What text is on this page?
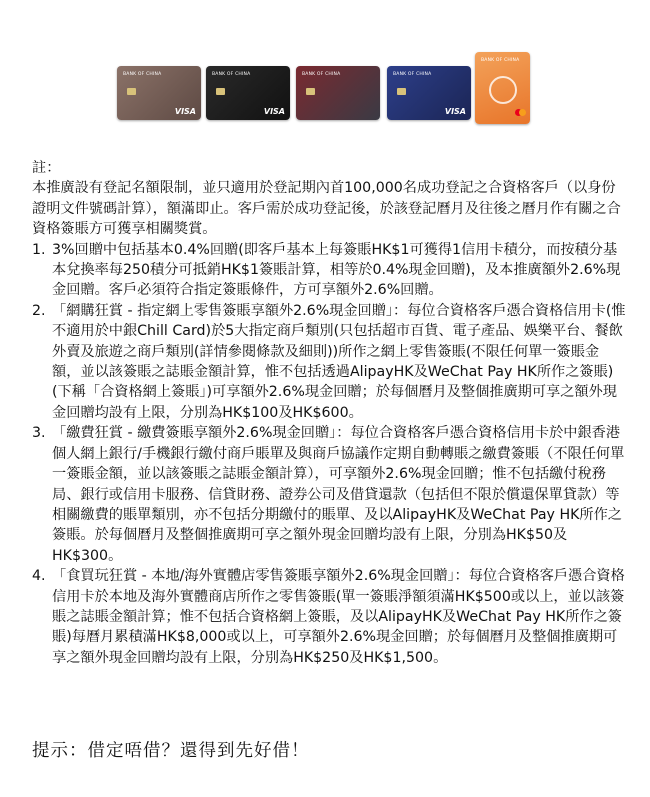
BANK OF CHINA
VISA
BANK OF CHINA
VISA
BANK OF CHINA	BANK OF CHINA
VISA
BANK OF CHINA

註：

本推廣設有登記名額限制，並只適用於登記期內首100,000名成功登記之合資格客戶（以身份證明文件號碼計算），額滿即止。客戶需於成功登記後，於該登記曆月及往後之曆月作有關之合資格簽賬方可獲享相關獎賞。

1. 3%回贈中包括基本0.4%回贈(即客戶基本上每簽賬HK$1可獲得1信用卡積分，而按積分基本兌換率每250積分可抵銷HK$1簽賬計算，相等於0.4%現金回贈)，及本推廣額外2.6%現金回贈。客戶必須符合指定簽賬條件，方可享額外2.6%回贈。
2. 「網購狂賞 - 指定網上零售簽賬享額外2.6%現金回贈」：每位合資格客戶憑合資格信用卡(惟不適用於中銀Chill Card)於5大指定商戶類別(只包括超市百貨、電子產品、娛樂平台、餐飲外賣及旅遊之商戶類別(詳情參閱條款及細則))所作之網上零售簽賬(不限任何單一簽賬金額，並以該簽賬之誌賬金額計算，惟不包括透過AlipayHK及WeChat Pay HK所作之簽賬)(下稱「合資格網上簽賬」)可享額外2.6%現金回贈；於每個曆月及整個推廣期可享之額外現金回贈均設有上限，分別為HK$100及HK$600。
3. 「繳費狂賞 - 繳費簽賬享額外2.6%現金回贈」：每位合資格客戶憑合資格信用卡於中銀香港個人網上銀行/手機銀行繳付商戶賬單及與商戶協議作定期自動轉賬之繳費簽賬（不限任何單一簽賬金額，並以該簽賬之誌賬金額計算），可享額外2.6%現金回贈；惟不包括繳付稅務局、銀行或信用卡服務、信貸財務、證券公司及借貸還款（包括但不限於償還保單貸款）等相關繳費的賬單類別，亦不包括分期繳付的賬單、及以AlipayHK及WeChat Pay HK所作之簽賬。於每個曆月及整個推廣期可享之額外現金回贈均設有上限，分別為HK$50及HK$300。
4. 「食買玩狂賞 - 本地/海外實體店零售簽賬享額外2.6%現金回贈」：每位合資格客戶憑合資格信用卡於本地及海外實體商店所作之零售簽賬(單一簽賬淨額須滿HK$500或以上，並以該簽賬之誌賬金額計算；惟不包括合資格網上簽賬，及以AlipayHK及WeChat Pay HK所作之簽賬)每曆月累積滿HK$8,000或以上，可享額外2.6%現金回贈；於每個曆月及整個推廣期可享之額外現金回贈均設有上限，分別為HK$250及HK$1,500。
提示：借定唔借？還得到先好借！
